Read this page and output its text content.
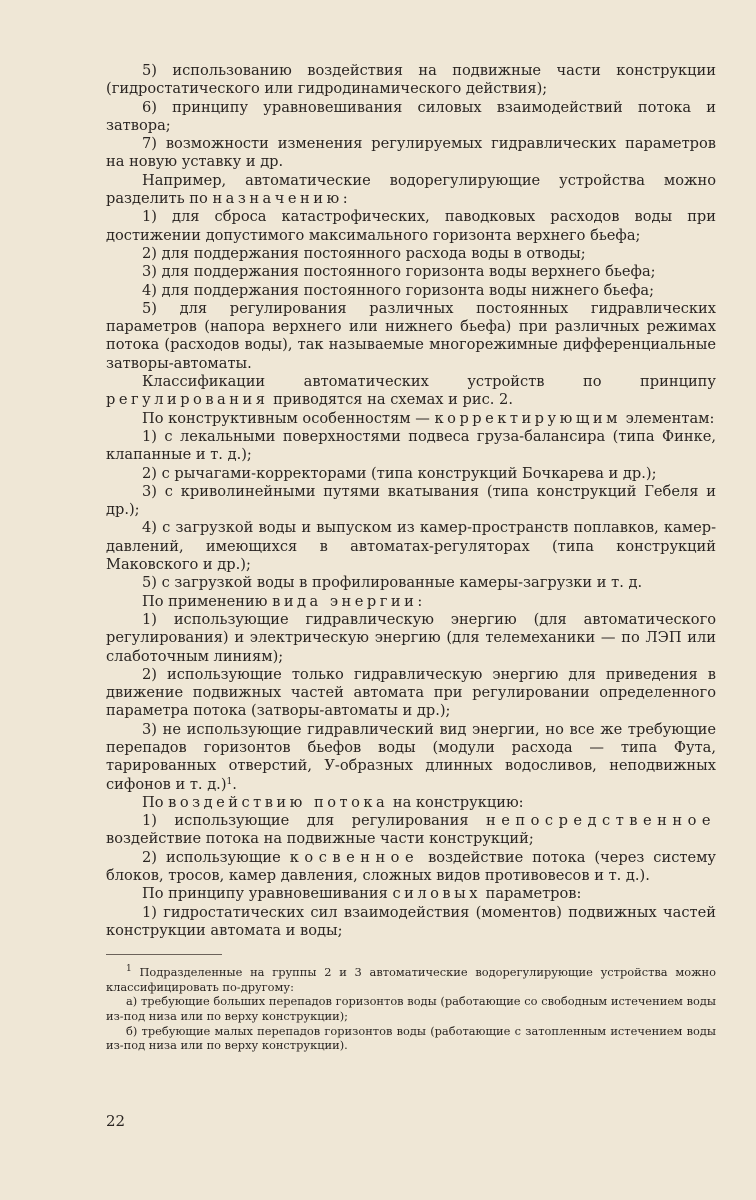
5) использованию воздействия на подвижные части конструкции (гидростатического или гидродинамического действия);

6) принципу уравновешивания силовых взаимодействий потока и затвора;

7) возможности изменения регулируемых гидравлических параметров на новую уставку и др.

Например, автоматические водорегулирующие устройства можно разделить по назначению:

1) для сброса катастрофических, паводковых расходов воды при достижении допустимого максимального горизонта верхнего бьефа;

2) для поддержания постоянного расхода воды в отводы;

3) для поддержания постоянного горизонта воды верхнего бьефа;

4) для поддержания постоянного горизонта воды нижнего бьефа;

5) для регулирования различных постоянных гидравлических параметров (напора верхнего или нижнего бьефа) при различных режимах потока (расходов воды), так называемые многорежимные дифференциальные затворы-автоматы.

Классификации автоматических устройств по принципу регулирования приводятся на схемах и рис. 2.

По конструктивным особенностям — корректирующим элементам:

1) с лекальными поверхностями подвеса груза-балансира (типа Финке, клапанные и т. д.);

2) с рычагами-корректорами (типа конструкций Бочкарева и др.);

3) с криволинейными путями вкатывания (типа конструкций Гебеля и др.);

4) с загрузкой воды и выпуском из камер-пространств поплавков, камер-давлений, имеющихся в автоматах-регуляторах (типа конструкций Маковского и др.);

5) с загрузкой воды в профилированные камеры-загрузки и т. д.

По применению вида энергии:

1) использующие гидравлическую энергию (для автоматического регулирования) и электрическую энергию (для телемеханики — по ЛЭП или слаботочным линиям);

2) использующие только гидравлическую энергию для приведения в движение подвижных частей автомата при регулировании определенного параметра потока (затворы-автоматы и др.);

3) не использующие гидравлический вид энергии, но все же требующие перепадов горизонтов бьефов воды (модули расхода — типа Фута, тарированных отверстий, У-образных длинных водосливов, неподвижных сифонов и т. д.)$^1$.

По воздействию потока на конструкцию:

1) использующие для регулирования непосредственное воздействие потока на подвижные части конструкций;

2) использующие косвенное воздействие потока (через систему блоков, тросов, камер давления, сложных видов противовесов и т. д.).

По принципу уравновешивания силовых параметров:

1) гидростатических сил взаимодействия (моментов) подвижных частей конструкции автомата и воды;

$^1$ Подразделенные на группы 2 и 3 автоматические водорегулирующие устройства можно классифицировать по-другому:

а) требующие больших перепадов горизонтов воды (работающие со свободным истечением воды из-под низа или по верху конструкции);

б) требующие малых перепадов горизонтов воды (работающие с затопленным истечением воды из-под низа или по верху конструкции).

22
